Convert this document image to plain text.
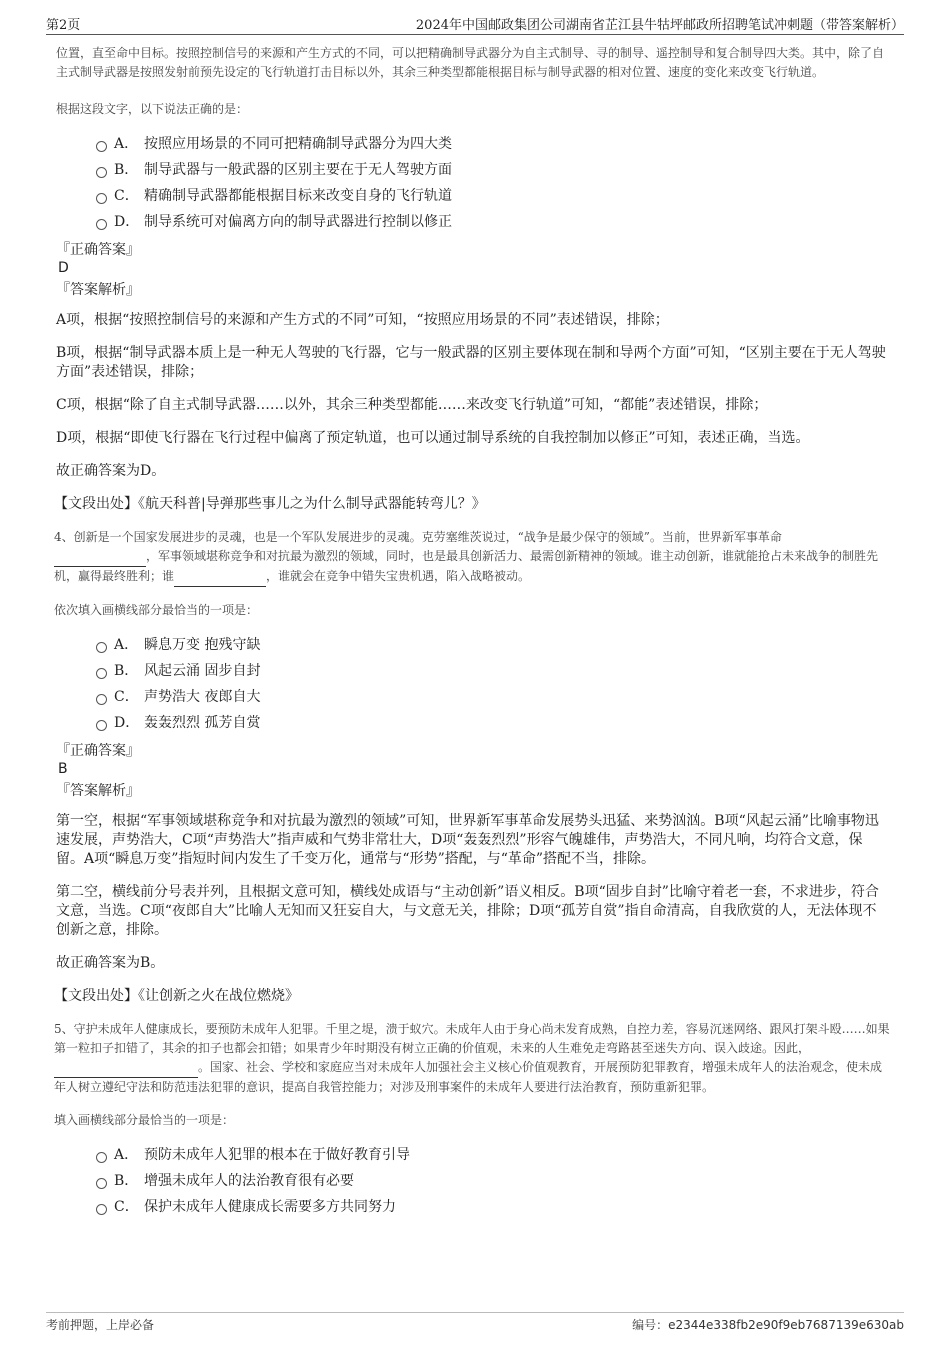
第2页	2024年中国邮政集团公司湖南省芷江县牛牯坪邮政所招聘笔试冲刺题（带答案解析）

位置，直至命中目标。按照控制信号的来源和产生方式的不同，可以把精确制导武器分为自主式制导、寻的制导、遥控制导和复合制导四大类。其中，除了自主式制导武器是按照发射前预先设定的飞行轨道打击目标以外，其余三种类型都能根据目标与制导武器的相对位置、速度的变化来改变飞行轨道。

根据这段文字，以下说法正确的是：

A． 按照应用场景的不同可把精确制导武器分为四大类
B． 制导武器与一般武器的区别主要在于无人驾驶方面
C． 精确制导武器都能根据目标来改变自身的飞行轨道
D． 制导系统可对偏离方向的制导武器进行控制以修正

『正确答案』

D

『答案解析』

A项，根据“按照控制信号的来源和产生方式的不同”可知，“按照应用场景的不同”表述错误，排除；

B项，根据“制导武器本质上是一种无人驾驶的飞行器，它与一般武器的区别主要体现在制和导两个方面”可知，“区别主要在于无人驾驶方面”表述错误，排除；

C项，根据“除了自主式制导武器……以外，其余三种类型都能……来改变飞行轨道”可知，“都能”表述错误，排除；

D项，根据“即使飞行器在飞行过程中偏离了预定轨道，也可以通过制导系统的自我控制加以修正”可知，表述正确，当选。

故正确答案为D。

【文段出处】《航天科普|导弹那些事儿之为什么制导武器能转弯儿？》

4、创新是一个国家发展进步的灵魂，也是一个军队发展进步的灵魂。克劳塞维茨说过，“战争是最少保守的领域”。当前，世界新军事革命
，军事领域堪称竞争和对抗最为激烈的领域，同时，也是最具创新活力、最需创新精神的领域。谁主动创新，谁就能抢占未来战争的制胜先机，赢得最终胜利；谁	，谁就会在竞争中错失宝贵机遇，陷入战略被动。

依次填入画横线部分最恰当的一项是：

A． 瞬息万变 抱残守缺
B． 风起云涌 固步自封
C． 声势浩大 夜郎自大
D． 轰轰烈烈 孤芳自赏

『正确答案』

B

『答案解析』

第一空，根据“军事领域堪称竞争和对抗最为激烈的领域”可知，世界新军事革命发展势头迅猛、来势汹汹。B项“风起云涌”比喻事物迅速发展，声势浩大，C项“声势浩大”指声威和气势非常壮大，D项“轰轰烈烈”形容气魄雄伟，声势浩大，不同凡响，均符合文意，保留。A项“瞬息万变”指短时间内发生了千变万化，通常与“形势”搭配，与“革命”搭配不当，排除。

第二空，横线前分号表并列，且根据文意可知，横线处成语与“主动创新”语义相反。B项“固步自封”比喻守着老一套，不求进步，符合文意，当选。C项“夜郎自大”比喻人无知而又狂妄自大，与文意无关，排除；D项“孤芳自赏”指自命清高，自我欣赏的人，无法体现不创新之意，排除。

故正确答案为B。

【文段出处】《让创新之火在战位燃烧》

5、守护未成年人健康成长，要预防未成年人犯罪。千里之堤，溃于蚁穴。未成年人由于身心尚未发育成熟，自控力差，容易沉迷网络、跟风打架斗殴……如果第一粒扣子扣错了，其余的扣子也都会扣错；如果青少年时期没有树立正确的价值观，未来的人生难免走弯路甚至迷失方向、误入歧途。因此， 。国家、社会、学校和家庭应当对未成年人加强社会主义核心价值观教育，开展预防犯罪教育，增强未成年人的法治观念，使未成年人树立遵纪守法和防范违法犯罪的意识，提高自我管控能力；对涉及刑事案件的未成年人要进行法治教育，预防重新犯罪。

填入画横线部分最恰当的一项是：

A． 预防未成年人犯罪的根本在于做好教育引导
B． 增强未成年人的法治教育很有必要
C． 保护未成年人健康成长需要多方共同努力
考前押题，上岸必备	编号：e2344e338fb2e90f9eb7687139e630ab
